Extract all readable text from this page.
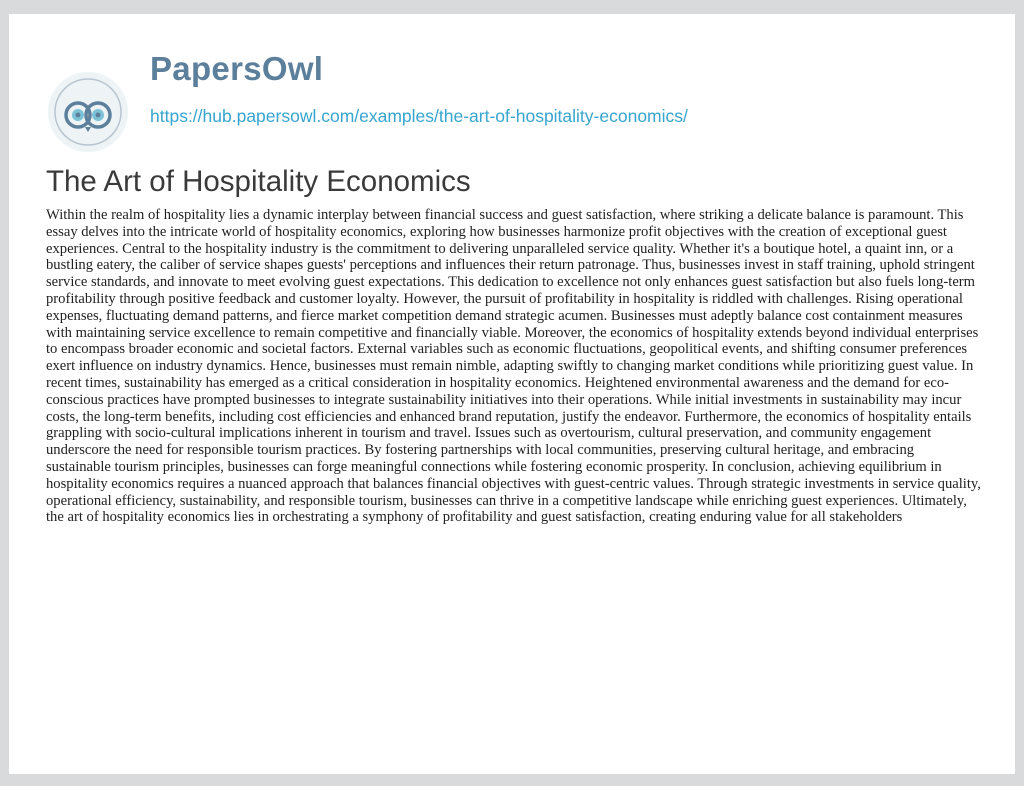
PapersOwl
https://hub.papersowl.com/examples/the-art-of-hospitality-economics/
The Art of Hospitality Economics

Within the realm of hospitality lies a dynamic interplay between financial success and guest satisfaction, where striking a delicate balance is paramount. This essay delves into the intricate world of hospitality economics, exploring how businesses harmonize profit objectives with the creation of exceptional guest experiences. Central to the hospitality industry is the commitment to delivering unparalleled service quality. Whether it's a boutique hotel, a quaint inn, or a bustling eatery, the caliber of service shapes guests' perceptions and influences their return patronage. Thus, businesses invest in staff training, uphold stringent service standards, and innovate to meet evolving guest expectations. This dedication to excellence not only enhances guest satisfaction but also fuels long-term profitability through positive feedback and customer loyalty. However, the pursuit of profitability in hospitality is riddled with challenges. Rising operational expenses, fluctuating demand patterns, and fierce market competition demand strategic acumen. Businesses must adeptly balance cost containment measures with maintaining service excellence to remain competitive and financially viable. Moreover, the economics of hospitality extends beyond individual enterprises to encompass broader economic and societal factors. External variables such as economic fluctuations, geopolitical events, and shifting consumer preferences exert influence on industry dynamics. Hence, businesses must remain nimble, adapting swiftly to changing market conditions while prioritizing guest value. In recent times, sustainability has emerged as a critical consideration in hospitality economics. Heightened environmental awareness and the demand for eco-conscious practices have prompted businesses to integrate sustainability initiatives into their operations. While initial investments in sustainability may incur costs, the long-term benefits, including cost efficiencies and enhanced brand reputation, justify the endeavor. Furthermore, the economics of hospitality entails grappling with socio-cultural implications inherent in tourism and travel. Issues such as overtourism, cultural preservation, and community engagement underscore the need for responsible tourism practices. By fostering partnerships with local communities, preserving cultural heritage, and embracing sustainable tourism principles, businesses can forge meaningful connections while fostering economic prosperity. In conclusion, achieving equilibrium in hospitality economics requires a nuanced approach that balances financial objectives with guest-centric values. Through strategic investments in service quality, operational efficiency, sustainability, and responsible tourism, businesses can thrive in a competitive landscape while enriching guest experiences. Ultimately, the art of hospitality economics lies in orchestrating a symphony of profitability and guest satisfaction, creating enduring value for all stakeholders
